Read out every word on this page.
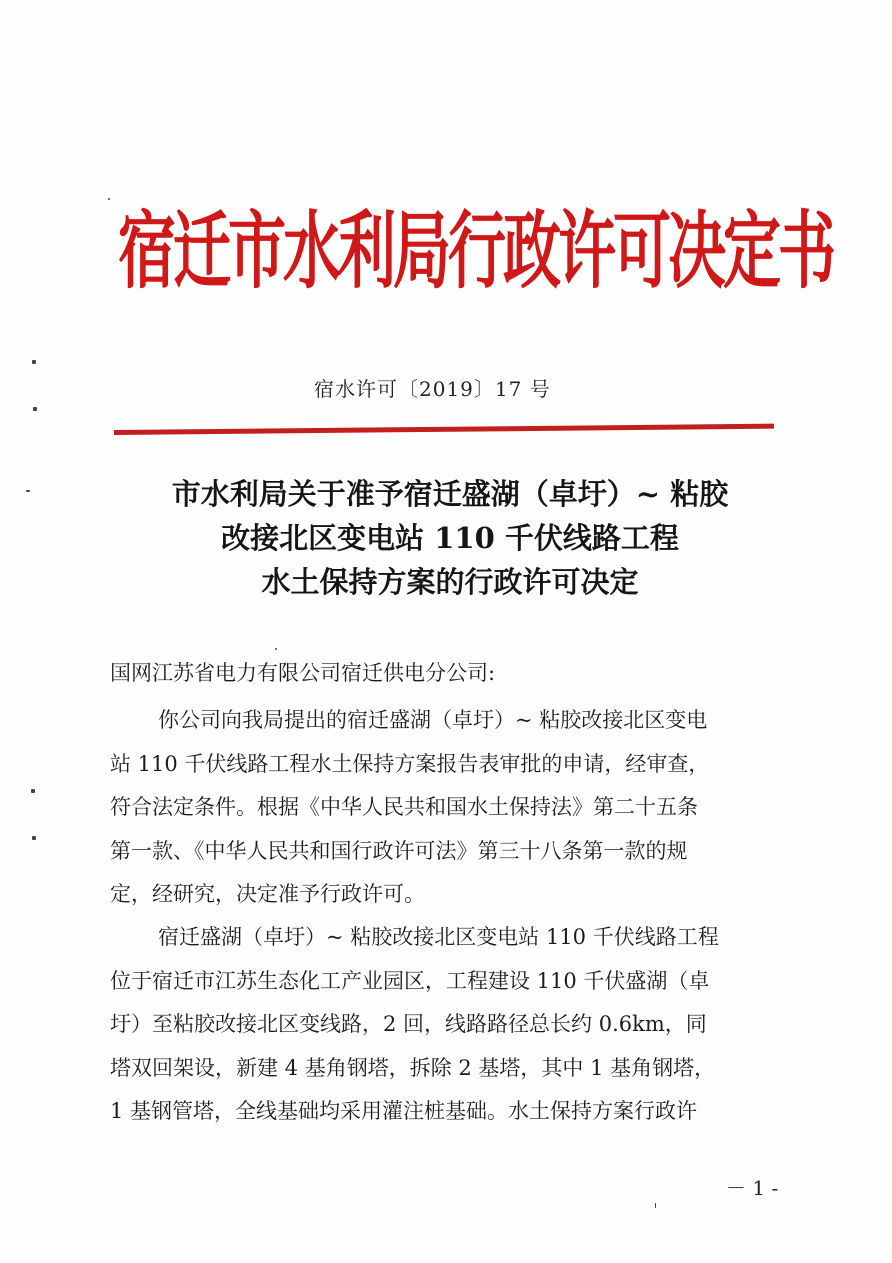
宿迁市水利局行政许可决定书
宿水许可〔2019〕17 号
市水利局关于准予宿迁盛湖（卓圩）~ 粘胶
改接北区变电站 110 千伏线路工程
水土保持方案的行政许可决定
国网江苏省电力有限公司宿迁供电分公司:
你公司向我局提出的宿迁盛湖（卓圩）~ 粘胶改接北区变电
站 110 千伏线路工程水土保持方案报告表审批的申请，经审查，
符合法定条件。根据《中华人民共和国水土保持法》第二十五条
第一款、《中华人民共和国行政许可法》第三十八条第一款的规
定，经研究，决定准予行政许可。
宿迁盛湖（卓圩）~ 粘胶改接北区变电站 110 千伏线路工程
位于宿迁市江苏生态化工产业园区，工程建设 110 千伏盛湖（卓
圩）至粘胶改接北区变线路，2 回，线路路径总长约 0.6km，同
塔双回架设，新建 4 基角钢塔，拆除 2 基塔，其中 1 基角钢塔，
1 基钢管塔，全线基础均采用灌注桩基础。水土保持方案行政许
－ 1 -
